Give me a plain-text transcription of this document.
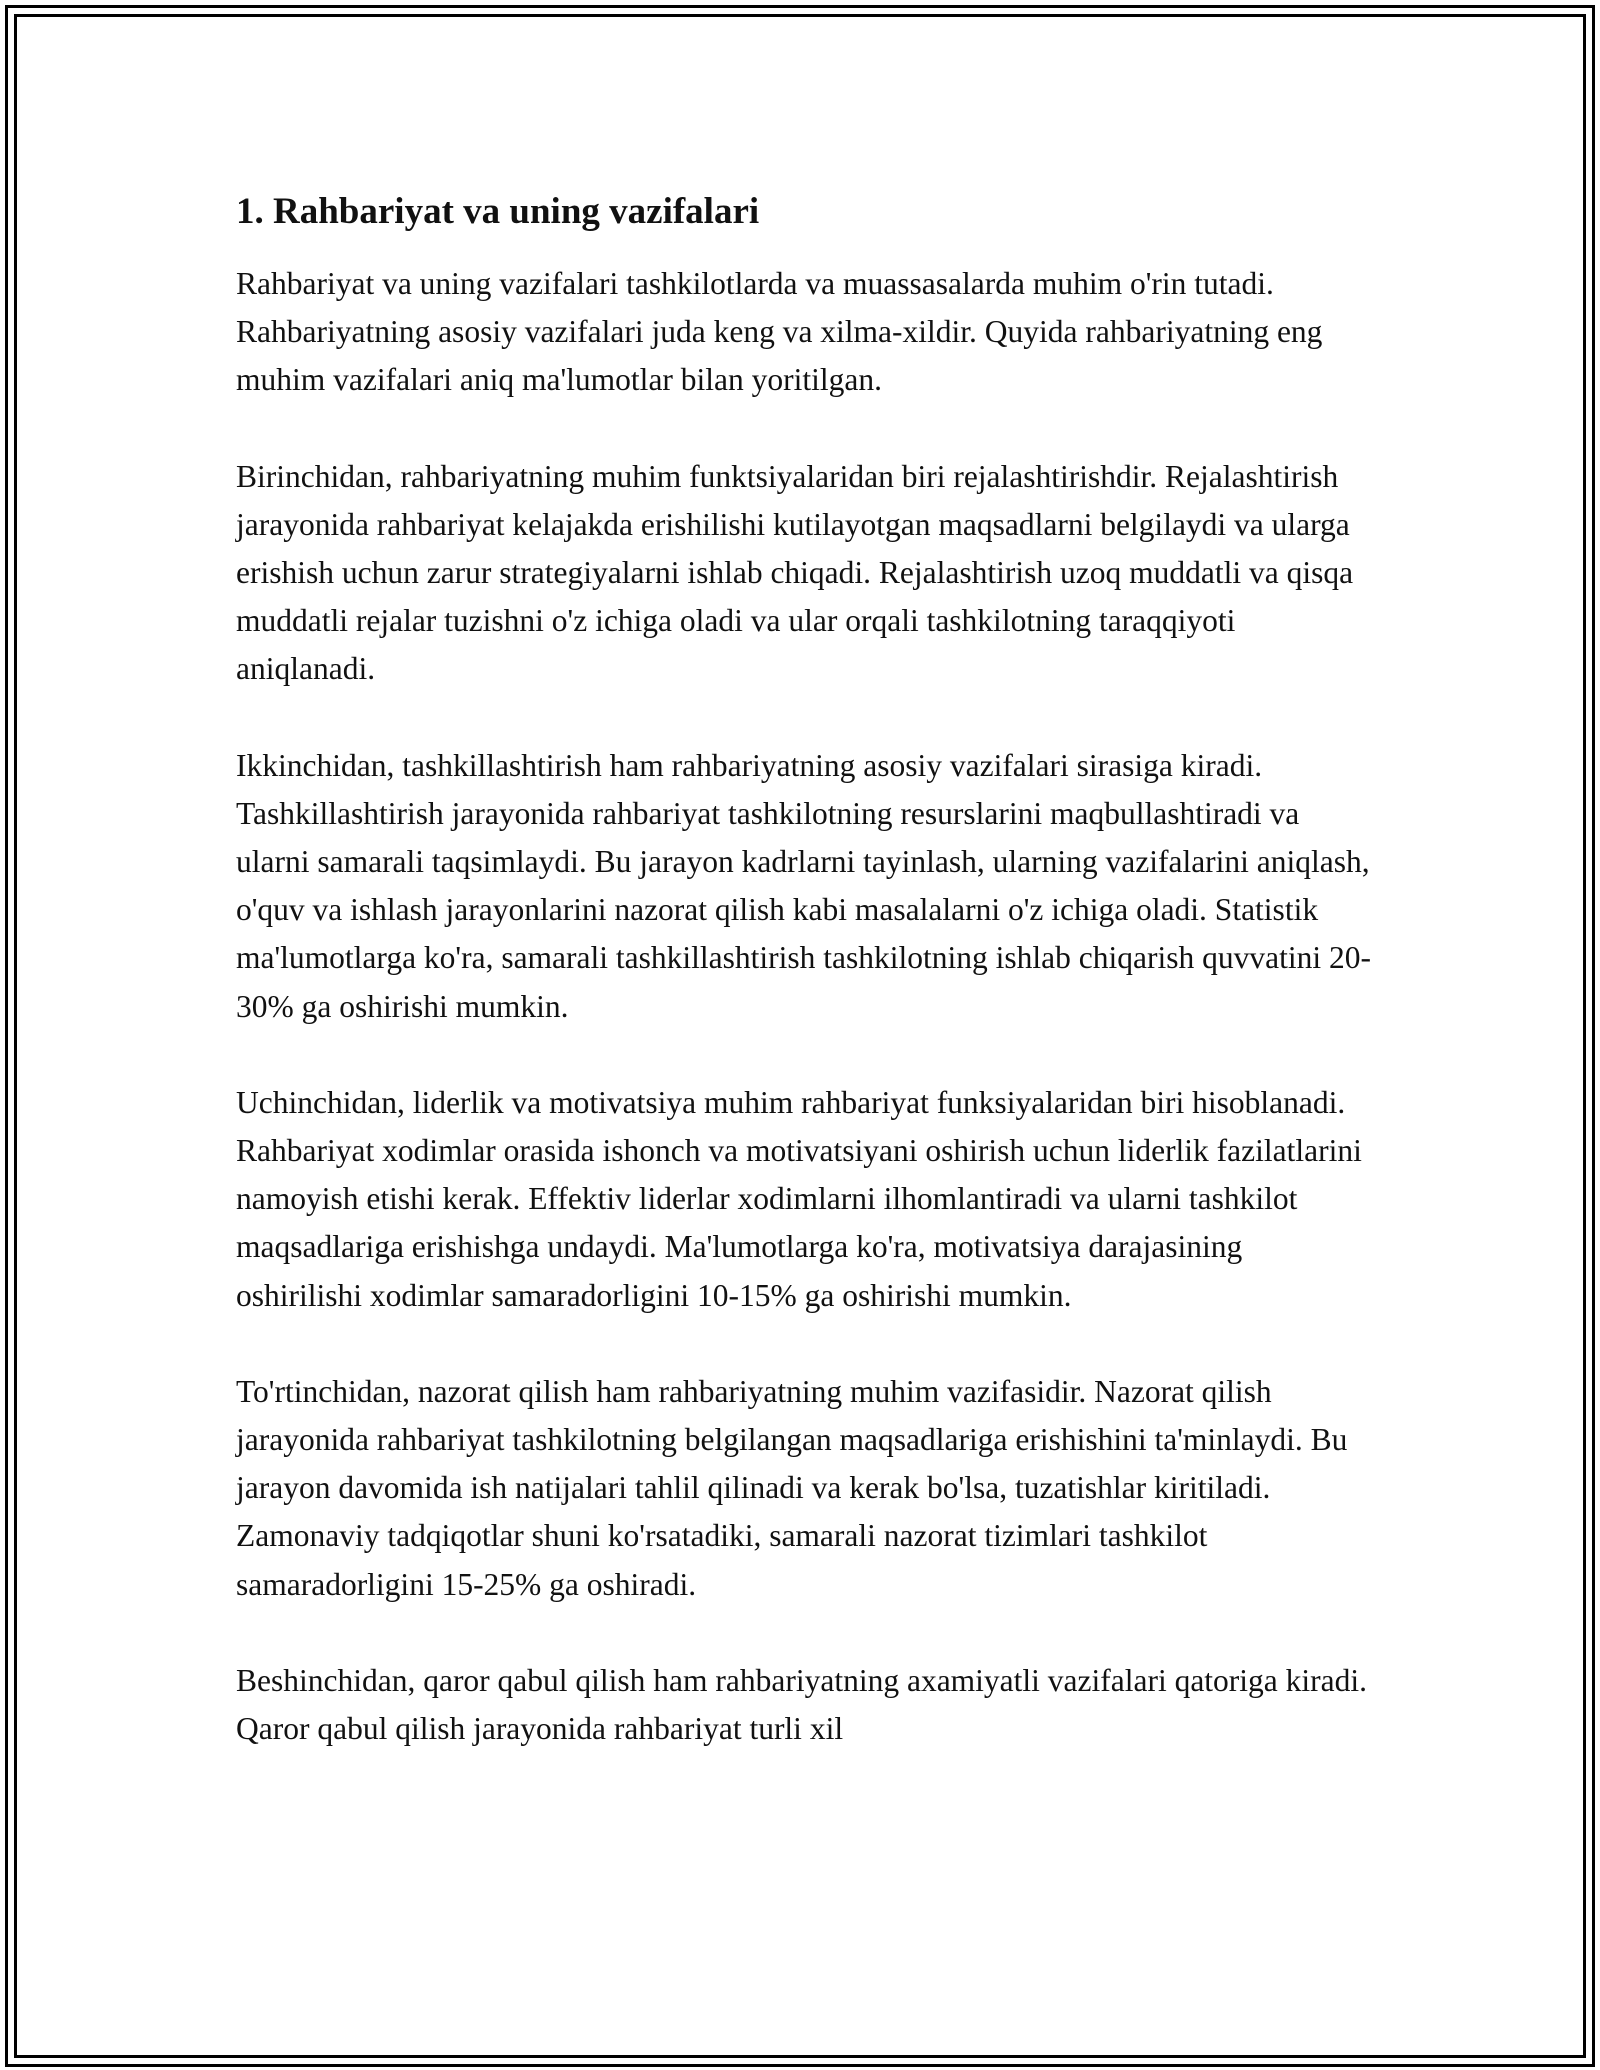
1. Rahbariyat va uning vazifalari

Rahbariyat va uning vazifalari tashkilotlarda va muassasalarda muhim o'rin tutadi. Rahbariyatning asosiy vazifalari juda keng va xilma-xildir. Quyida rahbariyatning eng muhim vazifalari aniq ma'lumotlar bilan yoritilgan.

Birinchidan, rahbariyatning muhim funktsiyalaridan biri rejalashtirishdir. Rejalashtirish jarayonida rahbariyat kelajakda erishilishi kutilayotgan maqsadlarni belgilaydi va ularga erishish uchun zarur strategiyalarni ishlab chiqadi. Rejalashtirish uzoq muddatli va qisqa muddatli rejalar tuzishni o'z ichiga oladi va ular orqali tashkilotning taraqqiyoti aniqlanadi.

Ikkinchidan, tashkillashtirish ham rahbariyatning asosiy vazifalari sirasiga kiradi. Tashkillashtirish jarayonida rahbariyat tashkilotning resurslarini maqbullashtiradi va ularni samarali taqsimlaydi. Bu jarayon kadrlarni tayinlash, ularning vazifalarini aniqlash, o'quv va ishlash jarayonlarini nazorat qilish kabi masalalarni o'z ichiga oladi. Statistik ma'lumotlarga ko'ra, samarali tashkillashtirish tashkilotning ishlab chiqarish quvvatini 20-30% ga oshirishi mumkin.

Uchinchidan, liderlik va motivatsiya muhim rahbariyat funksiyalaridan biri hisoblanadi. Rahbariyat xodimlar orasida ishonch va motivatsiyani oshirish uchun liderlik fazilatlarini namoyish etishi kerak. Effektiv liderlar xodimlarni ilhomlantiradi va ularni tashkilot maqsadlariga erishishga undaydi. Ma'lumotlarga ko'ra, motivatsiya darajasining oshirilishi xodimlar samaradorligini 10-15% ga oshirishi mumkin.

To'rtinchidan, nazorat qilish ham rahbariyatning muhim vazifasidir. Nazorat qilish jarayonida rahbariyat tashkilotning belgilangan maqsadlariga erishishini ta'minlaydi. Bu jarayon davomida ish natijalari tahlil qilinadi va kerak bo'lsa, tuzatishlar kiritiladi. Zamonaviy tadqiqotlar shuni ko'rsatadiki, samarali nazorat tizimlari tashkilot samaradorligini 15-25% ga oshiradi.

Beshinchidan, qaror qabul qilish ham rahbariyatning axamiyatli vazifalari qatoriga kiradi. Qaror qabul qilish jarayonida rahbariyat turli xil
